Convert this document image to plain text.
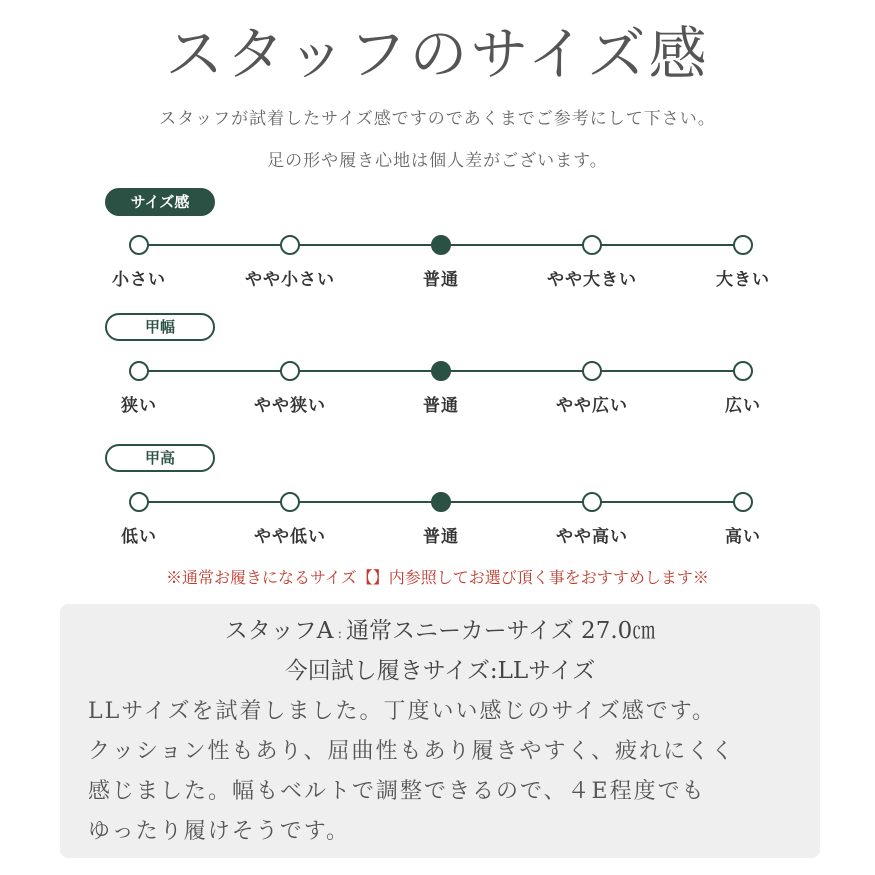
スタッフのサイズ感
スタッフが試着したサイズ感ですのであくまでご参考にして下さい。
足の形や履き心地は個人差がございます。
サイズ感
小さい	やや小さい	普通	やや大きい	大きい
甲幅
狭い	やや狭い	普通	やや広い	広い
甲高
低い	やや低い	普通	やや高い	高い
※通常お履きになるサイズ【】内参照してお選び頂く事をおすすめします※
スタッフA : 通常スニーカーサイズ 27.0㎝
今回試し履きサイズ:LLサイズ
LLサイズを試着しました。丁度いい感じのサイズ感です。
クッション性もあり、屈曲性もあり履きやすく、疲れにくく
感じました。幅もベルトで調整できるので、４E程度でも
ゆったり履けそうです。
